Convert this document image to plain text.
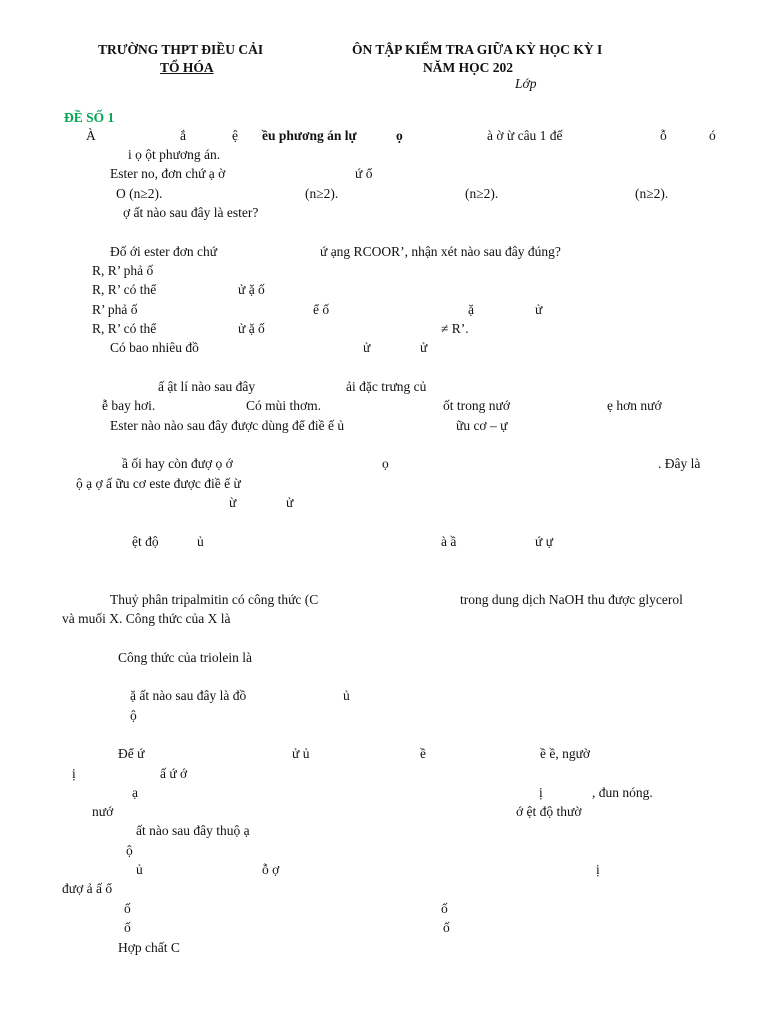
TRƯỜNG THPT ĐIỀU CẢI
TỔ HÓA
ÔN TẬP KIỂM TRA GIỮA KỲ HỌC KỲ I
NĂM HỌC 202
Lớp
ĐỀ SỐ 1
À	ắ	ệ ều phương án lự	ọ	à ờ ừ câu 1 đế	ỗ	ó
i ọ ột phương án.
Ester no, đơn chứ ạ ờ	ứ ổ
O (n≥2).	(n≥2).	(n≥2).	(n≥2).
ợ ất nào sau đây là ester?
Đố ới ester đơn chứ	ứ ạng RCOOR’, nhận xét nào sau đây đúng?
R, R’ phả ố
R, R’ có thể	ử ặ ố
R’ phả ố	ể ố	ặ	ử
R, R’ có thể	ử ặ ố	≠ R’.
Có bao nhiêu đồ	ử	ử
ấ ật lí nào sau đây	ải đặc trưng củ
ễ bay hơi.	Có mùi thơm.	ốt trong nướ	ẹ hơn nướ
Ester nào nào sau đây được dùng để điề ế ủ	ữu cơ – ự
ầ ối hay còn đượ ọ ớ	ọ	. Đây là
ộ ạ ợ ấ ữu cơ este được điề ế ừ
ừ	ử
ệt độ	ủ	à ầ	ứ ự
Thuỷ phân tripalmitin có công thức (C	trong dung dịch NaOH thu được glycerol
và muối X. Công thức của X là
Công thức của triolein là
ặ ất nào sau đây là đồ	ủ
ộ
Để ứ	ử ủ	ề	ề ề, ngườ
ị	ấ ứ ớ
ạ	ị	, đun nóng.
nướ	ớ ệt độ thườ
ất nào sau đây thuộ ạ
ộ
ủ	ỗ ợ	ị
đượ ả ấ ổ
ố	ố
ố	ố
Hợp chất C
